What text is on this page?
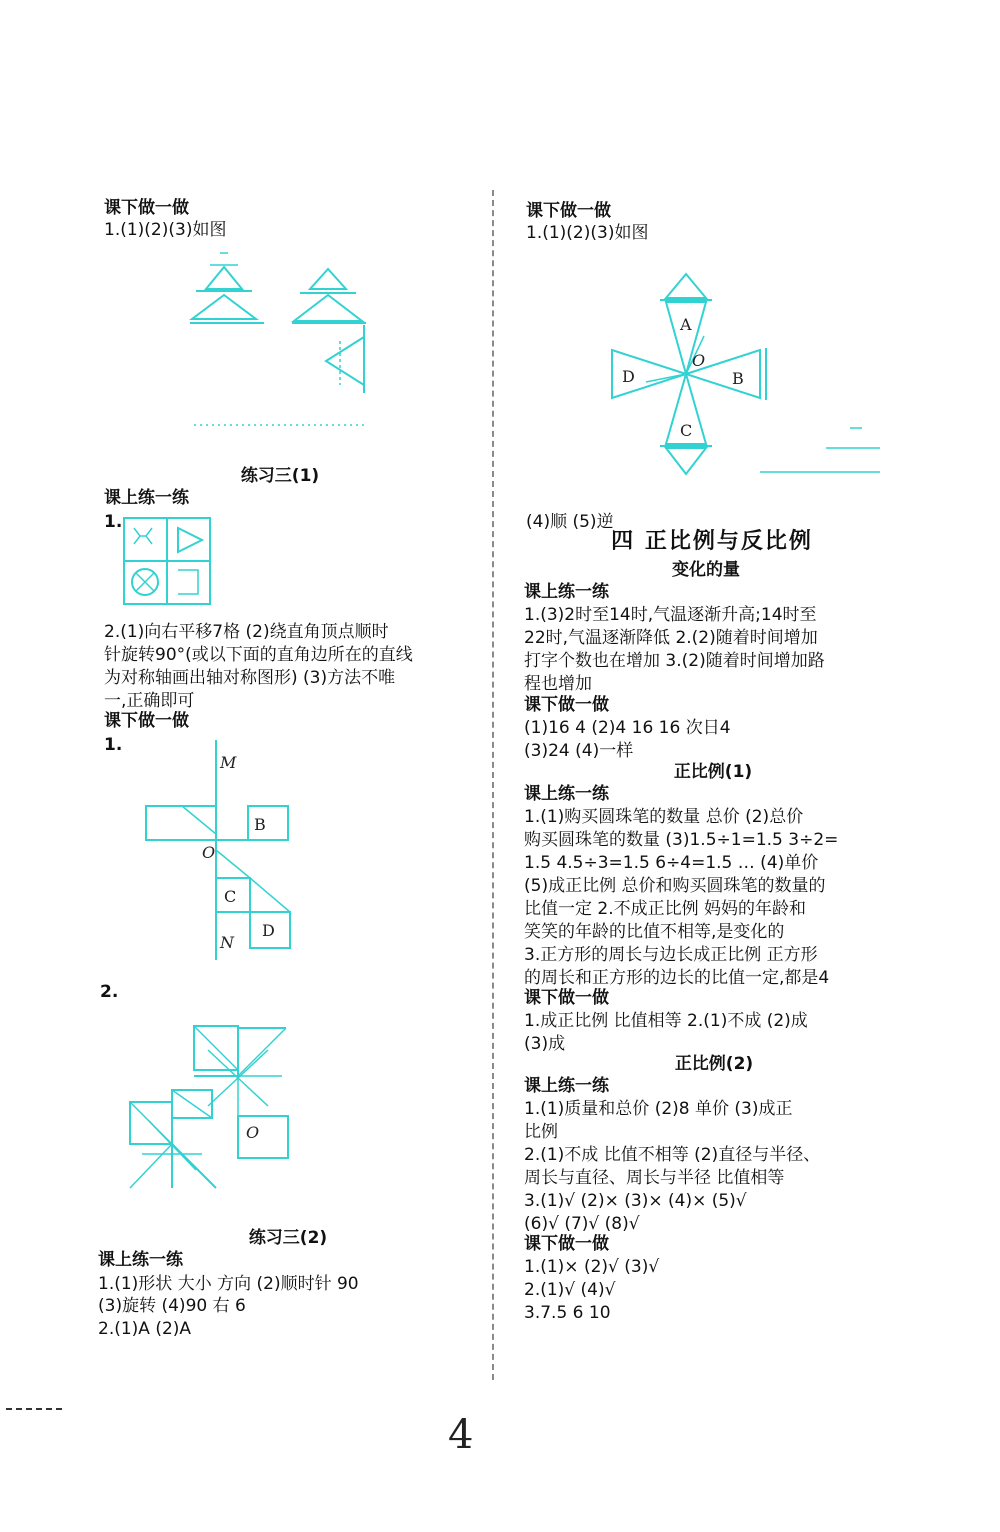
课下做一做
1.(1)(2)(3)如图
练习三(1)
课上练一练
1.
2.(1)向右平移7格 (2)绕直角顶点顺时
针旋转90°(或以下面的直角边所在的直线
为对称轴画出轴对称图形) (3)方法不唯
一,正确即可
课下做一做
1.
M
O
B
C
D
N
2.
O
练习三(2)
课上练一练
1.(1)形状 大小 方向 (2)顺时针 90
(3)旋转 (4)90 右 6
2.(1)A (2)A
课下做一做
1.(1)(2)(3)如图
A
O
D	B
C
(4)顺 (5)逆
四 正比例与反比例
变化的量
课上练一练
1.(3)2时至14时,气温逐渐升高;14时至
22时,气温逐渐降低 2.(2)随着时间增加
打字个数也在增加 3.(2)随着时间增加路
程也增加
课下做一做
(1)16 4 (2)4 16 16 次日4
(3)24 (4)一样
正比例(1)
课上练一练
1.(1)购买圆珠笔的数量 总价 (2)总价
购买圆珠笔的数量 (3)1.5÷1=1.5 3÷2=
1.5 4.5÷3=1.5 6÷4=1.5 … (4)单价
(5)成正比例 总价和购买圆珠笔的数量的
比值一定 2.不成正比例 妈妈的年龄和
笑笑的年龄的比值不相等,是变化的
3.正方形的周长与边长成正比例 正方形
的周长和正方形的边长的比值一定,都是4
课下做一做
1.成正比例 比值相等 2.(1)不成 (2)成
(3)成
正比例(2)
课上练一练
1.(1)质量和总价 (2)8 单价 (3)成正
比例
2.(1)不成 比值不相等 (2)直径与半径、
周长与直径、周长与半径 比值相等
3.(1)√ (2)× (3)× (4)× (5)√
(6)√ (7)√ (8)√
课下做一做
1.(1)× (2)√ (3)√
2.(1)√ (4)√
3.7.5 6 10
4
